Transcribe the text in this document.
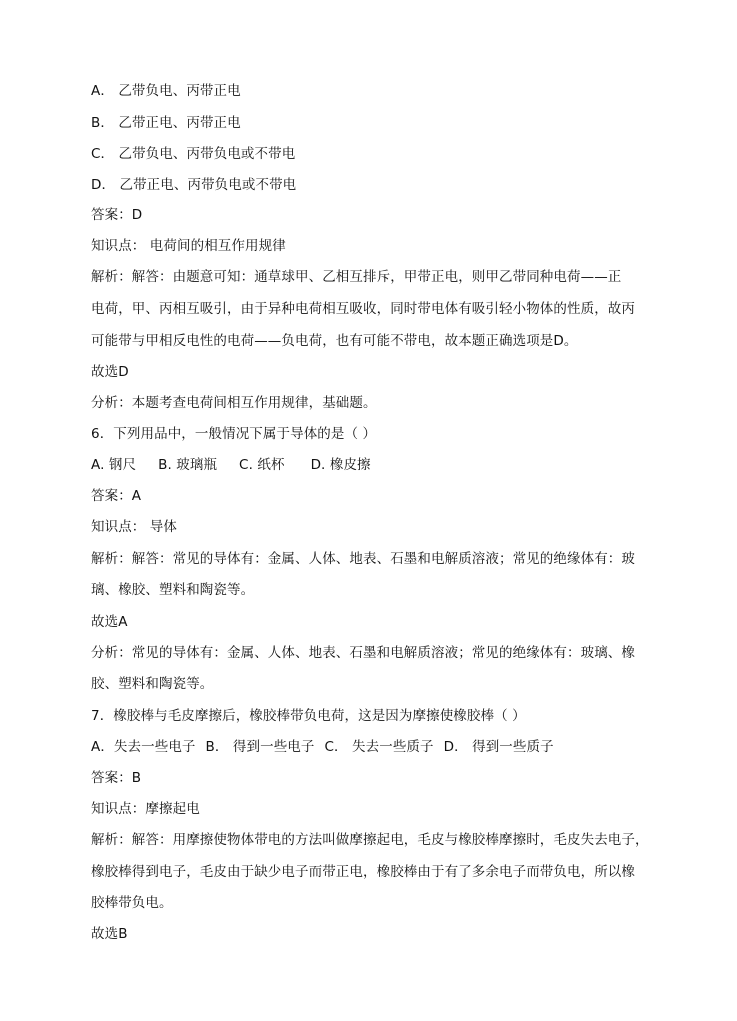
A． 乙带负电、丙带正电
B． 乙带正电、丙带正电
C． 乙带负电、丙带负电或不带电
D． 乙带正电、丙带负电或不带电
答案：D
知识点： 电荷间的相互作用规律
解析：解答：由题意可知：通草球甲、乙相互排斥，甲带正电，则甲乙带同种电荷——正
电荷，甲、丙相互吸引，由于异种电荷相互吸收，同时带电体有吸引轻小物体的性质，故丙
可能带与甲相反电性的电荷——负电荷，也有可能不带电，故本题正确选项是D。
故选D
分析：本题考查电荷间相互作用规律，基础题。
6．下列用品中，一般情况下属于导体的是（ ）
A. 钢尺 B. 玻璃瓶 C. 纸杯 D. 橡皮擦
答案：A
知识点： 导体
解析：解答：常见的导体有：金属、人体、地表、石墨和电解质溶液；常见的绝缘体有：玻
璃、橡胶、塑料和陶瓷等。
故选A
分析：常见的导体有：金属、人体、地表、石墨和电解质溶液；常见的绝缘体有：玻璃、橡
胶、塑料和陶瓷等。
7．橡胶棒与毛皮摩擦后，橡胶棒带负电荷，这是因为摩擦使橡胶棒（ ）
A．失去一些电子 B． 得到一些电子 C． 失去一些质子 D． 得到一些质子
答案：B
知识点：摩擦起电
解析：解答：用摩擦使物体带电的方法叫做摩擦起电，毛皮与橡胶棒摩擦时，毛皮失去电子，
橡胶棒得到电子，毛皮由于缺少电子而带正电，橡胶棒由于有了多余电子而带负电，所以橡
胶棒带负电。
故选B
